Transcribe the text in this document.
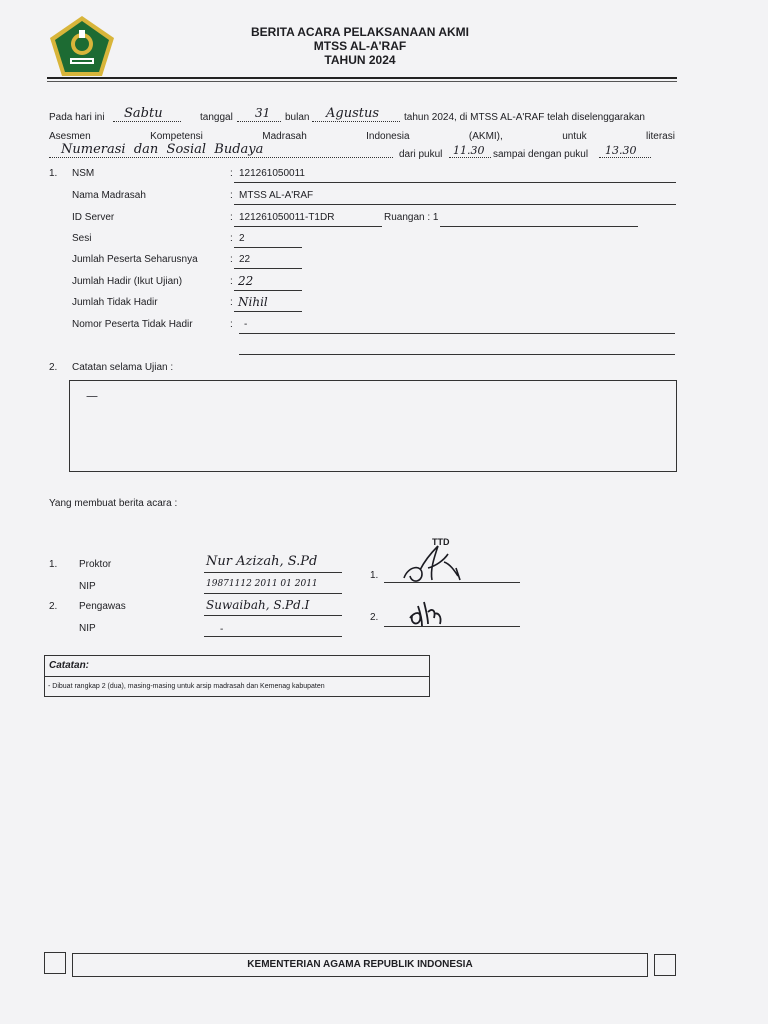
BERITA ACARA PELAKSANAAN AKMI
MTSS AL-A'RAF
TAHUN 2024
Pada hari ini Sabtu	tanggal 31 bulan Agustus tahun 2024, di MTSS AL-A'RAF telah diselenggarakan
Asesmen	Kompetensi	Madrasah	Indonesia	(AKMI),	untuk	literasi
Numerasi  dan  Sosial  Budaya	dari pukul 11.30 sampai dengan pukul 13.30
1. NSM	: 121261050011
Nama Madrasah	: MTSS AL-A'RAF
ID Server	: 121261050011-T1DR	Ruangan : 1
Sesi	: 2
Jumlah Peserta Seharusnya	: 22
Jumlah Hadir (Ikut Ujian)	: 22
Jumlah Tidak Hadir	: Nihil
Nomor Peserta Tidak Hadir	: -
2. Catatan selama Ujian :
—
Yang membuat berita acara :
TTD
1. Proktor	Nur Azizah, S.Pd
NIP	19871112 2011 01 2011
1.
2. Pengawas	Suwaibah, S.Pd.I
NIP	-
2.
Catatan:
- Dibuat rangkap 2 (dua), masing-masing untuk arsip madrasah dan Kemenag kabupaten
KEMENTERIAN AGAMA REPUBLIK INDONESIA
